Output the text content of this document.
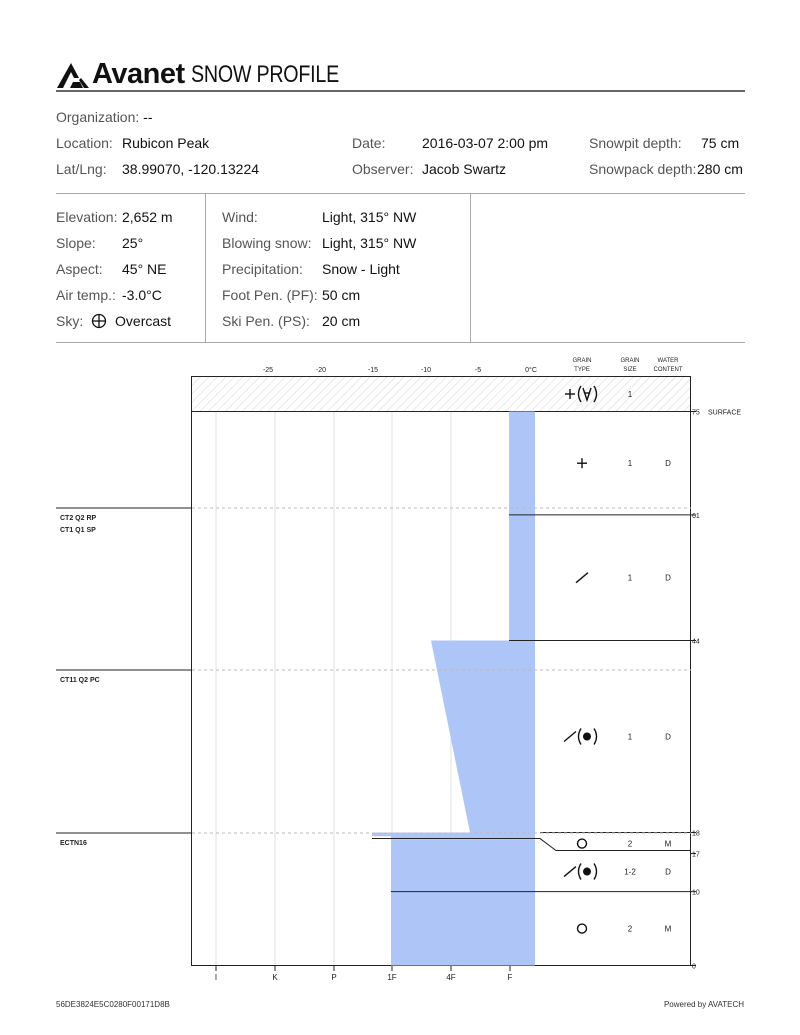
Avanet SNOW PROFILE
Organization: --
Location: Rubicon Peak
Lat/Lng: 38.99070, -120.13224
Date:	2016-03-07 2:00 pm
Observer: Jacob Swartz
Snowpit depth: 75 cm
Snowpack depth: 280 cm
Elevation: 2,652 m
Slope: 25°
Aspect: 45° NE
Air temp.: -3.0°C
Sky: Overcast
Wind:	Light, 315° NW
Blowing snow: Light, 315° NW
Precipitation: Snow - Light
Foot Pen. (PF): 50 cm
Ski Pen. (PS): 20 cm
1
1	D
1	D
1	D
2	M
1-2	D
2	M
-25	-20	-15	-10	-5	0°C
GRAIN
TYPE
GRAIN
SIZE
WATER
CONTENT
I	K	P	1F	4F	F
75
61
44
18
17
10
0
SURFACE
CT2 Q2 RP
CT1 Q1 SP
CT11 Q2 PC
ECTN16
56DE3824E5C0280F00171D8B	Powered by AVATECH
